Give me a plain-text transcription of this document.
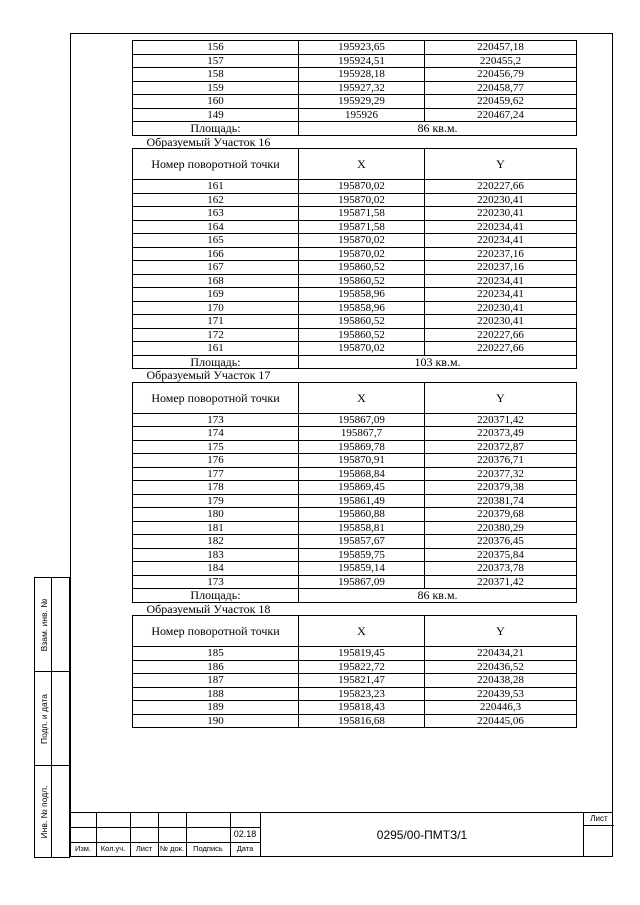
Взам. инв. №
Подп. и дата
Инв. № подл.
156	195923,65	220457,18
157	195924,51	220455,2
158	195928,18	220456,79
159	195927,32	220458,77
160	195929,29	220459,62
149	195926	220467,24
Площадь:	86 кв.м.	
Образуемый Участок 16		
Номер поворотной точки	X	Y
161	195870,02	220227,66
162	195870,02	220230,41
163	195871,58	220230,41
164	195871,58	220234,41
165	195870,02	220234,41
166	195870,02	220237,16
167	195860,52	220237,16
168	195860,52	220234,41
169	195858,96	220234,41
170	195858,96	220230,41
171	195860,52	220230,41
172	195860,52	220227,66
161	195870,02	220227,66
Площадь:	103 кв.м.	
Образуемый Участок 17		
Номер поворотной точки	X	Y
173	195867,09	220371,42
174	195867,7	220373,49
175	195869,78	220372,87
176	195870,91	220376,71
177	195868,84	220377,32
178	195869,45	220379,38
179	195861,49	220381,74
180	195860,88	220379,68
181	195858,81	220380,29
182	195857,67	220376,45
183	195859,75	220375,84
184	195859,14	220373,78
173	195867,09	220371,42
Площадь:	86 кв.м.	
Образуемый Участок 18		
Номер поворотной точки	X	Y
185	195819,45	220434,21
186	195822,72	220436,52
187	195821,47	220438,28
188	195823,23	220439,53
189	195818,43	220446,3
190	195816,68	220445,06
Изм.	Кол.уч.	Лист	№ док.	Подпись	Дата
02.18	0295/00-ПМТЗ/1
Лист
